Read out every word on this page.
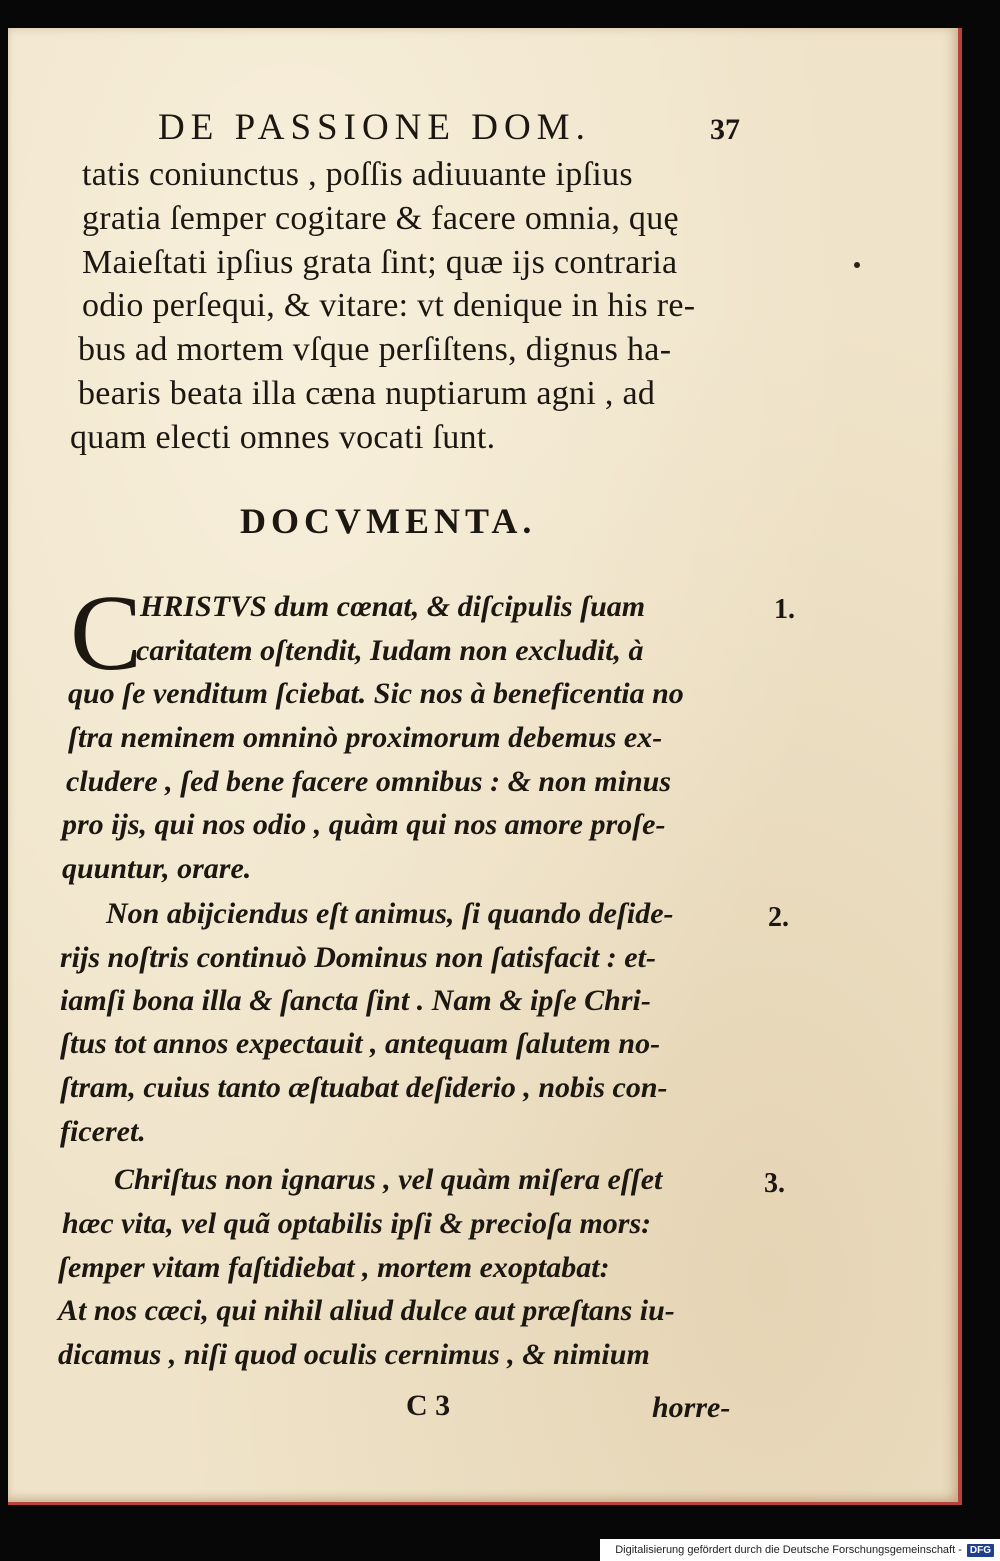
DE PASSIONE DOM.	37
tatis coniunctus , poſſis adiuuante ipſius
gratia ſemper cogitare & facere omnia, quę
Maieſtati ipſius grata ſint; quæ ijs contraria
odio perſequi, & vitare: vt denique in his re-
bus ad mortem vſque perſiſtens, dignus ha-
bearis beata illa cæna nuptiarum agni , ad
quam electi omnes vocati ſunt.
DOCVMENTA.
C
HRISTVS dum cœnat, & diſcipulis ſuam
caritatem oſtendit, Iudam non excludit, à
quo ſe venditum ſciebat. Sic nos à beneficentia no
ſtra neminem omninò proximorum debemus ex-
cludere , ſed bene facere omnibus : & non minus
pro ijs, qui nos odio , quàm qui nos amore proſe-
quuntur, orare.
Non abijciendus eſt animus, ſi quando deſide-
rijs noſtris continuò Dominus non ſatisfacit : et-
iamſi bona illa & ſancta ſint . Nam & ipſe Chri-
ſtus tot annos expectauit , antequam ſalutem no-
ſtram, cuius tanto æſtuabat deſiderio , nobis con-
ficeret.
Chriſtus non ignarus , vel quàm miſera eſſet
hæc vita, vel quã optabilis ipſi & precioſa mors:
ſemper vitam faſtidiebat , mortem exoptabat:
At nos cæci, qui nihil aliud dulce aut præſtans iu-
dicamus , niſi quod oculis cernimus , & nimium
1.
2.
3.
C 3	horre-
Digitalisierung gefördert durch die Deutsche Forschungsgemeinschaft - DFG
